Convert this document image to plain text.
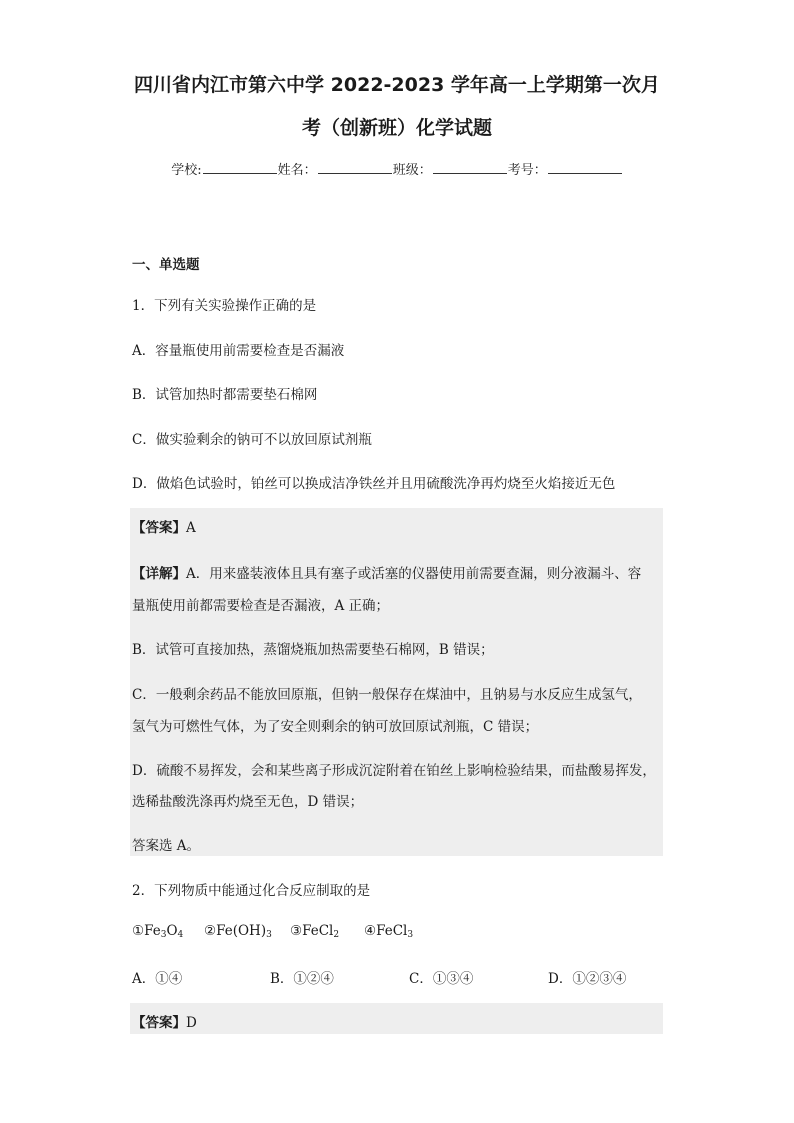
四川省内江市第六中学 2022-2023 学年高一上学期第一次月
考（创新班）化学试题
学校:	姓名：	班级：	考号：
一、单选题
1．下列有关实验操作正确的是
A．容量瓶使用前需要检查是否漏液
B．试管加热时都需要垫石棉网
C．做实验剩余的钠可不以放回原试剂瓶
D．做焰色试验时，铂丝可以换成洁净铁丝并且用硫酸洗净再灼烧至火焰接近无色
【答案】A
【详解】A．用来盛装液体且具有塞子或活塞的仪器使用前需要查漏，则分液漏斗、容
量瓶使用前都需要检查是否漏液，A 正确；
B．试管可直接加热，蒸馏烧瓶加热需要垫石棉网，B 错误；
C．一般剩余药品不能放回原瓶，但钠一般保存在煤油中，且钠易与水反应生成氢气，
氢气为可燃性气体，为了安全则剩余的钠可放回原试剂瓶，C 错误；
D．硫酸不易挥发，会和某些离子形成沉淀附着在铂丝上影响检验结果，而盐酸易挥发，
选稀盐酸洗涤再灼烧至无色，D 错误；
答案选 A。
2．下列物质中能通过化合反应制取的是
$①Fe_3O_4$ $②Fe(OH)_3$ ③FeCl$_2$ ④FeCl$_3$
A．①④	B．①②④	C．①③④	D．①②③④
【答案】D
